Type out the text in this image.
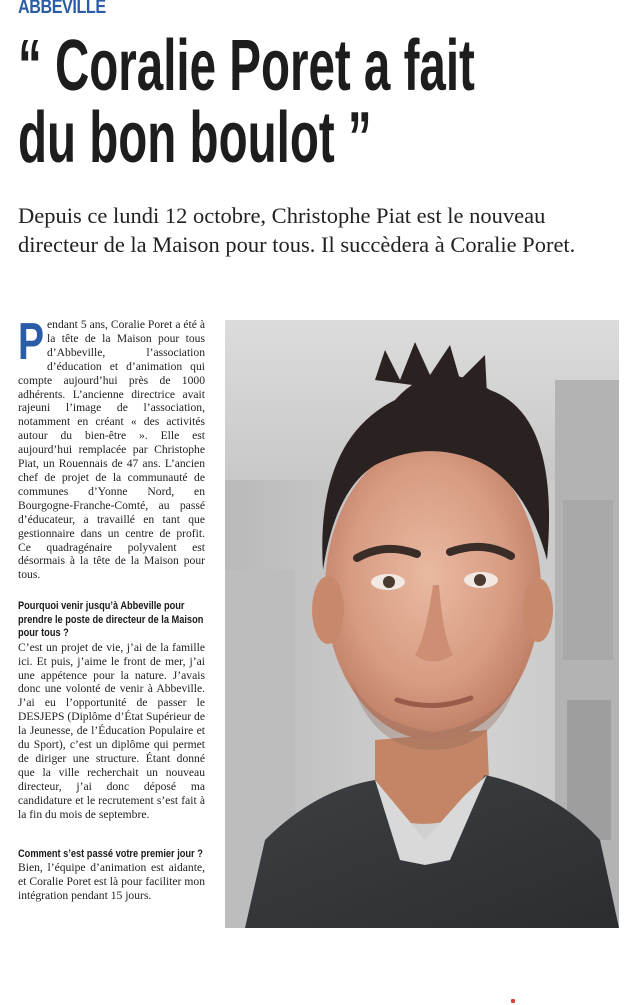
ABBEVILLE
“ Coralie Poret a fait du bon boulot ”

Depuis ce lundi 12 octobre, Christophe Piat est le nouveau directeur de la Maison pour tous. Il succèdera à Coralie Poret.

Pendant 5 ans, Coralie Poret a été à la tête de la Maison pour tous d’Abbeville, l’association d’éducation et d’animation qui compte aujourd’hui près de 1000 adhérents. L’ancienne directrice avait rajeuni l’image de l’association, notamment en créant « des activités autour du bien-être ». Elle est aujourd’hui remplacée par Christophe Piat, un Rouennais de 47 ans. L’ancien chef de projet de la communauté de communes d’Yonne Nord, en Bourgogne-Franche-Comté, au passé d’éducateur, a travaillé en tant que gestionnaire dans un centre de profit. Ce quadragénaire polyvalent est désormais à la tête de la Maison pour tous.

Pourquoi venir jusqu’à Abbeville pour prendre le poste de directeur de la Maison pour tous ?

C’est un projet de vie, j’ai de la famille ici. Et puis, j’aime le front de mer, j’ai une appétence pour la nature. J’avais donc une volonté de venir à Abbeville. J’ai eu l’opportunité de passer le DESJEPS (Diplôme d’État Supérieur de la Jeunesse, de l’Éducation Populaire et du Sport), c’est un diplôme qui permet de diriger une structure. Étant donné que la ville recherchait un nouveau directeur, j’ai donc déposé ma candidature et le recrutement s’est fait à la fin du mois de septembre.

Comment s’est passé votre premier jour ?

Bien, l’équipe d’animation est aidante, et Coralie Poret est là pour faciliter mon intégration pendant 15 jours.
